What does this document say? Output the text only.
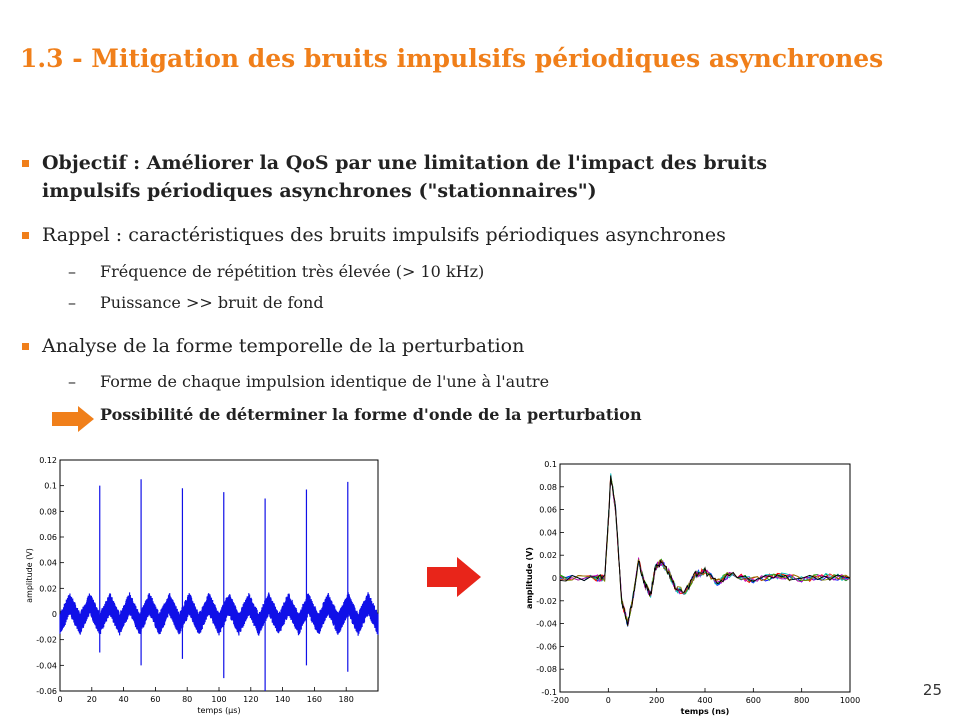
1.3 - Mitigation des bruits impulsifs périodiques asynchrones
Objectif : Améliorer la QoS par une limitation de l'impact des bruits
impulsifs périodiques asynchrones ("stationnaires")
Rappel : caractéristiques des bruits impulsifs périodiques asynchrones
– Fréquence de répétition très élevée (> 10 kHz)
– Puissance >> bruit de fond
Analyse de la forme temporelle de la perturbation
– Forme de chaque impulsion identique de l'une à l'autre
Possibilité de déterminer la forme d'onde de la perturbation
0	20	40	60	80 100 120 140 160 180
-0.06
-0.04
-0.02
0
0.02
0.04
0.06
0.08
0.1
0.12
temps (µs)
amplitude (V)
-200	0	200	400	600	800	1000
-0.1
-0.08
-0.06
-0.04
-0.02
0
0.02
0.04
0.06
0.08
0.1
temps (ns)
amplitude (V)
25
